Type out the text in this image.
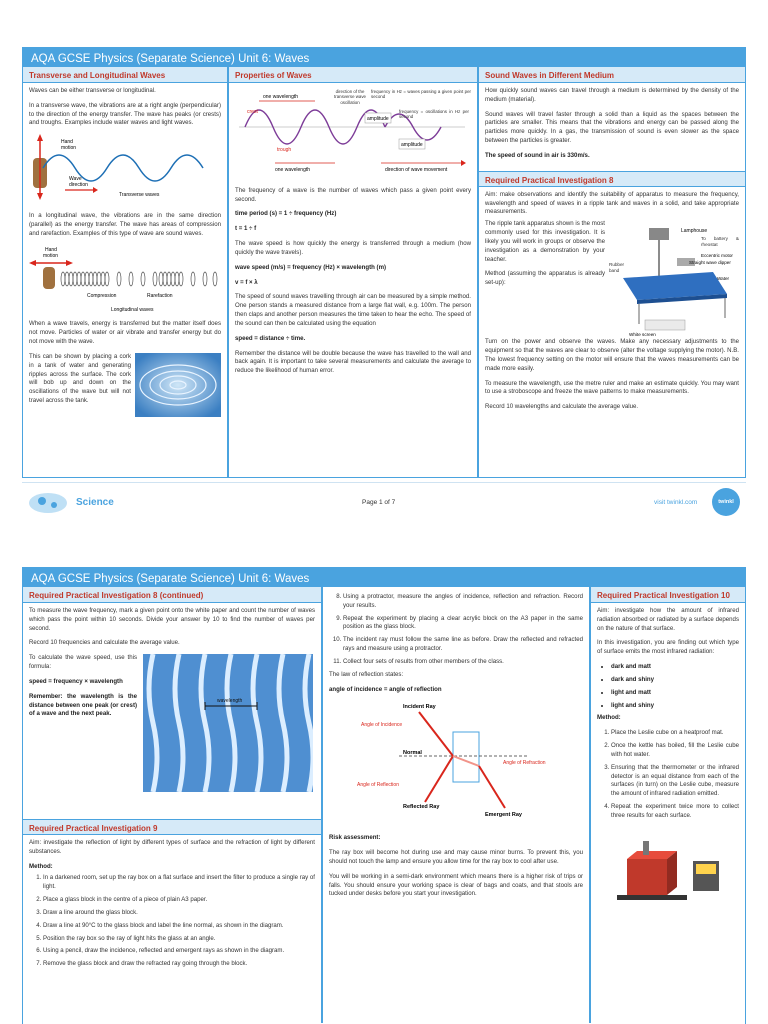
AQA GCSE Physics (Separate Science) Unit 6: Waves
Transverse and Longitudinal Waves

Waves can be either transverse or longitudinal.

In a transverse wave, the vibrations are at a right angle (perpendicular) to the direction of the energy transfer. The wave has peaks (or crests) and troughs. Examples include water waves and light waves.

Hand
motion
Wave
direction
Transverse waves

In a longitudinal wave, the vibrations are in the same direction (parallel) as the energy transfer. The wave has areas of compression and rarefaction. Examples of this type of wave are sound waves.

Hand
motion
Compression	Rarefaction
Longitudinal waves

When a wave travels, energy is transferred but the matter itself does not move. Particles of water or air vibrate and transfer energy but do not move with the wave.

This can be shown by placing a cork in a tank of water and generating ripples across the surface. The cork will bob up and down on the oscillations of the wave but will not travel across the tank.

Properties of Waves
one wavelength
crest
trough
one wavelength
amplitude
amplitude
direction of the transverse wave oscillation
frequency in Hz = waves passing a given point per second
frequency = oscillations in Hz per second
direction of wave movement

The frequency of a wave is the number of waves which pass a given point every second.

time period (s) = 1 ÷ frequency (Hz)

t = 1 ÷ f

The wave speed is how quickly the energy is transferred through a medium (how quickly the wave travels).

wave speed (m/s) = frequency (Hz) × wavelength (m)

v = f × λ

The speed of sound waves travelling through air can be measured by a simple method. One person stands a measured distance from a large flat wall, e.g. 100m. The person then claps and another person measures the time taken to hear the echo. The speed of the sound can then be calculated using the equation

speed = distance ÷ time.

Remember the distance will be double because the wave has travelled to the wall and back again. It is important to take several measurements and calculate the average to reduce the likelihood of human error.

Sound Waves in Different Medium

How quickly sound waves can travel through a medium is determined by the density of the medium (material).

Sound waves will travel faster through a solid than a liquid as the spaces between the particles are smaller. This means that the vibrations and energy can be passed along the particles more quickly. In a gas, the transmission of sound is even slower as the space between the particles is greater.

The speed of sound in air is 330m/s.

Required Practical Investigation 8

Aim: make observations and identify the suitability of apparatus to measure the frequency, wavelength and speed of waves in a ripple tank and waves in a solid, and take appropriate measurements.

The ripple tank apparatus shown is the most commonly used for this investigation. It is likely you will work in groups or observe the investigation as a demonstration by your teacher.

Method (assuming the apparatus is already set-up):

Lamphouse
To battery & rheostat
Eccentric motor
Straight wave dipper
Rubber band
Water
White screen

Turn on the power and observe the waves. Make any necessary adjustments to the equipment so that the waves are clear to observe (alter the voltage supplying the motor). N.B. The lowest frequency setting on the motor will ensure that the waves measurements can be made more easily.

To measure the wavelength, use the metre ruler and make an estimate quickly. You may want to use a stroboscope and freeze the wave patterns to make measurements.

Record 10 wavelengths and calculate the average value.

Science	Page 1 of 7	visit twinkl.com	twinkl
AQA GCSE Physics (Separate Science) Unit 6: Waves
Required Practical Investigation 8 (continued)

To measure the wave frequency, mark a given point onto the white paper and count the number of waves which pass the point within 10 seconds. Divide your answer by 10 to find the number of waves per second.

Record 10 frequencies and calculate the average value.

To calculate the wave speed, use this formula:

speed = frequency × wavelength

Remember: the wavelength is the distance between one peak (or crest) of a wave and the next peak.

wavelength
Required Practical Investigation 9

Aim: investigate the reflection of light by different types of surface and the refraction of light by different substances.

Method:

1. In a darkened room, set up the ray box on a flat surface and insert the filter to produce a single ray of light.
2. Place a glass block in the centre of a piece of plain A3 paper.
3. Draw a line around the glass block.
4. Draw a line at 90°C to the glass block and label the line normal, as shown in the diagram.
5. Position the ray box so the ray of light hits the glass at an angle.
6. Using a pencil, draw the incidence, reflected and emergent rays as shown in the diagram.
7. Remove the glass block and draw the refracted ray going through the block.
8. Using a protractor, measure the angles of incidence, reflection and refraction. Record your results.
9. Repeat the experiment by placing a clear acrylic block on the A3 paper in the same position as the glass block.
10. The incident ray must follow the same line as before. Draw the reflected and refracted rays and measure using a protractor.
11. Collect four sets of results from other members of the class.

The law of reflection states:

angle of incidence = angle of reflection

Incident Ray
Angle of Incidence
Normal
Angle of Refraction
Angle of Reflection
Reflected Ray
Emergent Ray

Risk assessment:

The ray box will become hot during use and may cause minor burns. To prevent this, you should not touch the lamp and ensure you allow time for the ray box to cool after use.

You will be working in a semi-dark environment which means there is a higher risk of trips or falls. You should ensure your working space is clear of bags and coats, and that stools are tucked under desks before you start your investigation.

Required Practical Investigation 10

Aim: investigate how the amount of infrared radiation absorbed or radiated by a surface depends on the nature of that surface.

In this investigation, you are finding out which type of surface emits the most infrared radiation:

• dark and matt
• dark and shiny
• light and matt
• light and shiny

Method:

1. Place the Leslie cube on a heatproof mat.
2. Once the kettle has boiled, fill the Leslie cube with hot water.
3. Ensuring that the thermometer or the infrared detector is an equal distance from each of the surfaces (in turn) on the Leslie cube, measure the amount of infrared radiation emitted.
4. Repeat the experiment twice more to collect three results for each surface.
